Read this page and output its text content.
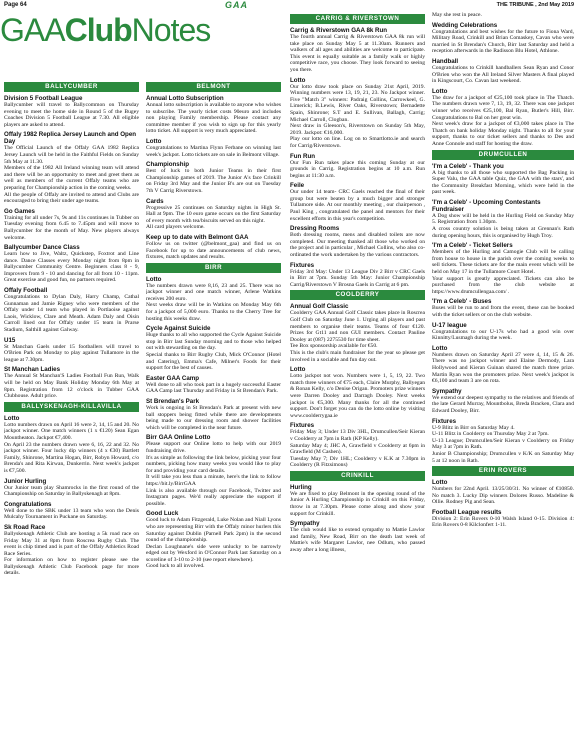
Page 64	GAA	THE TRIBUNE , 2nd May 2019
GAAClubNotes
BALLYCUMBER
Division 5 Football League

Ballycumber will travel to Ballycommon on Thursday evening to meet the home side in Round 5 of the Bugey Coaches Division 5 Football League at 7.30. All eligible players are asked to attend.

Offaly 1982 Replica Jersey Launch and Open Day

The Official Launch of the Offaly GAA 1982 Replica Jersey Launch will be held in the Faithful Fields on Sunday 5th May at 11.30.

Members of the 1982 All Ireland winning team will attend and there will be an opportunity to meet and greet them as well as members of the current Offaly teams who are preparing for Championship action in the coming weeks.

All the people of Offaly are invited to attend and Clubs are encouraged to bring their under age teams.

Go Games

Training for all under 7s, 9s and 11s continues in Tubber on Tuesday evening from 6.45 to 7.45pm and will move to Ballycumber for the month of May. New players always welcome.

Ballycumber Dance Class

Learn how to Jive, Waltz, Quickstep, Foxtrot and Line dance. Dance Classes every Monday night from 8pm in Ballycumber Community Centre. Beginners class 8 - 9, Improvers from 9 - 10 and dancing for all from 10 - 11pm. Great exercise and good fun, no partners required.

Offaly Football

Congratulations to Dylan Daly, Harry Champ, Cathal Gunnaman and Jamie Rigney who were members of the Offaly under 14 team who played in Portlaoise against Laois, Wicklow, Clare and Meath. Adam Daly and Oisin Carroll lined out for Offaly under 15 team in Prarse Stadium, Salthill against Galway.

U15

St Manchan Gaels under 15 footballers will travel to O'Brien Park on Monday to play against Tullamore in the league at 7.30pm.

St Manchan Ladies

The Annual St Manchan'S Ladies Football Fun Run, Walk will be held on May Bank Holiday Monday 6th May at 8pm. Registration from 12 o'clock in Tubber GAA Clubhouse. Adult price.

BALLYSKENAGH-KILLAVILLA
Lotto

Lotto numbers drawn on April 16 were 2, 14, 15 and 20. No jackpot winner. One match winners (1 x €120) Sean Egan Mountheaton. Jackpot €7,400.

On April 23 the numbers drawn were 6, 16, 22 and 32. No jackpot winner. Four lucky dip winners (4 x €30) Bartlett Family, Shinrone, Martina Hogan, Birr, Robyn Howard, c/o Brenda's and Rita Kirwan, Dunkerrin. Next week's jackpot is €7,500.

Junior Hurling

Our Junior team play Shamrocks in the first round of the Championship on Saturday in Ballyskenagh at 8pm.

Congratulations

Well done to the SBK under 13 team who won the Denis Mulcahy Tournament in Puckane on Saturday.

Sk Road Race

Ballyskenagh Athletic Club are hosting a 5k road race on Friday May 31 at 8pm from Roscrea Rugby Club. The event is chip timed and is part of the Offaly Athletics Road Race Series.

For information on how to register please see the Ballyskenagh Athletic Club Facebook page for more details.

BELMONT
Annual Lotto Subscription

Annual lotto subscription is available to anyone who wishes to subscribe. The yearly ticket costs 90euro and includes non playing Family membership. Please contact any committee member if you wish to sign up for this yearly lotto ticket. All support is very much appreciated.

Lotto

Congratulations to Martina Flynn Ferbane on winning last week's jackpot. Lotto tickets are on sale in Belmont village.

Championship

Best of luck to both Junior Teams in their first Championship games of 2019. The Junior A's face Crinkill on Friday 3rd May and the Junior B's are out on Tuesday 7th V Carrig Riverstown.

Cards

Progressive 25 continues on Saturday nights in High St. Hall at 9pm. The 10 euro game occurs on the first Saturday of every month with tea/biscuits served on this night.

All card players welcome.

Keep up to date with Belmont GAA

Follow us on twitter (@belmont_gaa) and find us on Facebook for up to date announcements of club news, fixtures, match updates and results.

BIRR
Lotto

The numbers drawn were 8,16, 23 and 25. There was no jackpot winner and one match winner, Arlene Watkins receives 200 euro.

Next weeks draw will be in Watkins on Monday May 6th for a jackpot of 5,000 euro. Thanks to the Cherry Tree for hosting this weeks draw.

Cycle Against Suicide

Huge thanks to all who supported the Cycle Against Suicide stop in Birr last Sunday morning and to those who helped out with stewarding on the day.

Special thanks to Birr Rugby Club, Mick O'Connor (Hotel and Catering), Emma's Cafe, Milner's Foods for their support for the best of causes.

Easter GAA Camp

Well done to all who took part in a hugely successful Easter GAA Camp last Thursday and Friday in St Brendan's Park.

St Brendan's Park

Work is ongoing in St Brendan's Park at present with new ball stoppers being fitted while there are developments being made to our dressing room and shower facilities which will be completed in the near future.

Birr GAA Online Lotto

Please support our Online lotto to help with our 2019 fundraising drive.

It's as simple as following the link below, picking your four numbers, picking how many weeks you would like to play for and providing your card details.

It will take you less than a minute, here's the link to follow https://bit.ly/BirrGAA

Link is also available through our Facebook, Twitter and Instagram pages. We'd really appreciate the support if possible.

Good Luck

Good luck to Adam Fitzgerald, Luke Nolan and Niall Lyons who are representing Birr with the Offaly minor hurlers this Saturday against Dublin (Parnell Park 2pm) in the second round of the championship.

Declan Loughnane's side were unlucky to be narrowly edged out by Wexford in O'Connor Park last Saturday on a scoreline of 3-10 to 2-10 (see report elsewhere).

Good luck to all involved.

CARRIG & RIVERSTOWN
Carrig & Riverstown GAA 8k Run

The fourth annual Carrig & Riverstown GAA 8k run will take place on Sunday May 5 at 11.30am. Runners and walkers of all ages and abilities are welcome to participate. This event is equally suitable as a family walk or highly competitive race, you choose. They look forward to seeing you there.

Lotto

Our lotto draw took place on Sunday 21st April, 2019. Winning numbers were 13, 19, 21, 23. No Jackpot winner. Five "Match 3" winners: Padraig Collins, Carrowkeel, G. Limerick; B.Lewis, River Oaks, Riverstown; Bernadette Spain, Shinrone; S.T and E. Sullivan, Ballagh, Carrig; Michael Carroll, Clogban.

Next draw in Gleeson's, Riverstown on Sunday 5th May, 2019. Jackpot: €16,000.

Play our lotto on line. Log on to Smartlotto.ie and search for Carrig/Riverstown.

Fun Run

Our Fun Run takes place this coming Sunday at our grounds in Carrig. Registration begins at 10 a.m. Run begins at 11:30 a.m.

Feile

Our under 14 team- CRC Gaels reached the final of their group but were beaten by a much bigger and stronger Tullamore side. At our monthly meeting , our chairperson , Paul King , congratulated the panel and mentors for their excellent efforts in this year's competition.

Dressing Rooms

Both dressing rooms, mens and disabled toilets are now completed. Our meeting thanked all those who worked on the project and in particular , Michael Collins, who also co-ordinated the work undertaken by the various contractors.

Fixtures

Friday 3rd May: Under 13 League Div 2 Birr v CRC Gaels in Birr at 7pm. Sunday 5th May: Junior Championship Carrig/Riverstown V Brosna Gaels in Carrig at 6 pm.

COOLDERRY
Annual Golf Classic

Coolderry GAA Annual Golf Classic takes place in Roscrea Golf Club on Saturday June 1. Urging all players and past members to organise their teams. Teams of four €120. Prizes for Gt11 and non GUI members. Contact Pauline Dooley at (087) 2275530 for time sheet.

Tee Box sponsorship available for €50.

This is the club's main fundraiser for the year so please get involved in a sociable and fun day out.

Lotto

Lotto jackpot not won. Numbers were 1, 5, 19, 22. Two match three winners of €75 each, Claire Murphy, Ballyegan & Ronan Kelly, c/o Denise Origan. Promoters prize winners were Darren Dooley and Darragh Dooley. Next weeks jackpot is €5,300. Many thanks for all the continued support. Don't forget you can do the lotto online by visiting www.coolderrygaa.ie

Fixtures

Friday May 3; Under 13 Div 3HL, Drumcullen/Seir Kieran v Coolderry at 7pm in Rath (KP Kelly).

Saturday May 4; JHC A, Grawfield v Coolderry at 6pm in Grawfield (M Cashen).

Tuesday May 7; Div 1HL; Coolderry v K.K at 7.30pm in Coolderry (R Fitzsimons)

CRINKILL
Hurling

We are fixed to play Belmont in the opening round of the Junior A Hurling Championship in Crinkill on this Friday, throw in at 7.30pm. Please come along and show your support for Crinkill.

Sympathy

The club would like to extend sympathy to Mattie Lawlor and family, New Road, Birr on the death last week of Mattie's wife Margaret Lawlor, nee Odlum, who passed away after a long illness,

May she rest in peace.

Wedding Celebrations

Congratulations and best wishes for the future to Fiona Ward, Military Road, Crinkill and Brian Comaskey, Cavan who were married in St Brendan's Church, Birr last Saturday and held a reception afterwards in the Radisson Blu Hotel, Athlone.

Handball

Congratulations to Crinkill handballers Sean Ryan and Conor O'Brien who won the All Ireland Silver Masters A final played in Kingscourt, Co. Cavan last weekend.

Lotto

The draw for a jackpot of €25,100 took place in The Thatch. The numbers drawn were 7, 13, 19, 32. There was one jackpot winner who receives €25,100, Bal Ryan, Butler's Hill, Birr. Congratulations to Bal on her great win.

Next week's draw for a jackpot of €3,000 takes place in The Thatch on bank holiday Monday night. Thanks to all for your support, thanks to our ticket sellers and thanks to Des and Anne Connole and staff for hosting the draw.

DRUMCULLEN
'I'm a Celeb' - Thank you

A big thanks to all those who supported the Bag Packing in Super Valu, the GAA table Quiz, the GAA with the stars', and the Community Breakfast Morning, which were held in the past week.

'I'm a Celeb' - Upcoming Contestants Fundraiser

A Dog show will be held in the Hurling Field on Sunday May 5. Registration from 1.30pm.

A cross country solution is being taken at Grennan's Rath during opening hours, this is organised by Hugh Troy.

'I'm a Celeb' - Ticket Sellers

Members of the Hurling and Camogie Club will be calling from house to house in the parish over the coming weeks to sell tickets. These tickets are for the main event which will be held on May 17 in the Tullamore Court Hotel.

Your support is greatly appreciated. Tickets can also be purchased from the club website at https://www.drumcullengaa.com/ .

'I'm a Celeb' - Buses

Buses will be run to and from the event, these can be booked with the ticket sellers or on the club website.

U-17 league

Congratulations to our U-17s who had a good win over Kinnitty/Lusmagh during the week.

Lotto

Numbers drawn on Saturday April 27 were 4, 14, 15 & 26. There was no jackpot winner and Elaine Dermody, Lara Hollywood and Kieran Guinan shared the match three prize. Martin Ryan won the promoters prize. Next week's jackpot is €6,100 and team 3 are on rota.

Sympathy

We extend our deepest sympathy to the relatives and friends of the late Gerard Murray, Mountbolus, Breda Bracken, Clara and Edward Dooley, Birr.

Fixtures

U-9 Blitz in Birr on Saturday May 4.

U-11 Blitz in Coolderry on Thursday May 2 at 7pm.

U-13 League; Drumcullen/Seir Kieran v Coolderry on Friday May 3 at 7pm in Rath.

Junior B Championship; Drumcullen v K/K on Saturday May 5 at 12 noon in Rath.

ERIN ROVERS
Lotto

Numbers for 22nd April. 13/25/30/31. No winner of €10850. No match 3. Lucky Dip winners Dolores Russo. Madeline & Ollie. Rodney Pig and Sean.

Football League results

Division 2: Erin Rovers 0-10 Walsh Island 0-15. Division 4: Erin Rovers 0-8 Kilclonfert 1-11.
